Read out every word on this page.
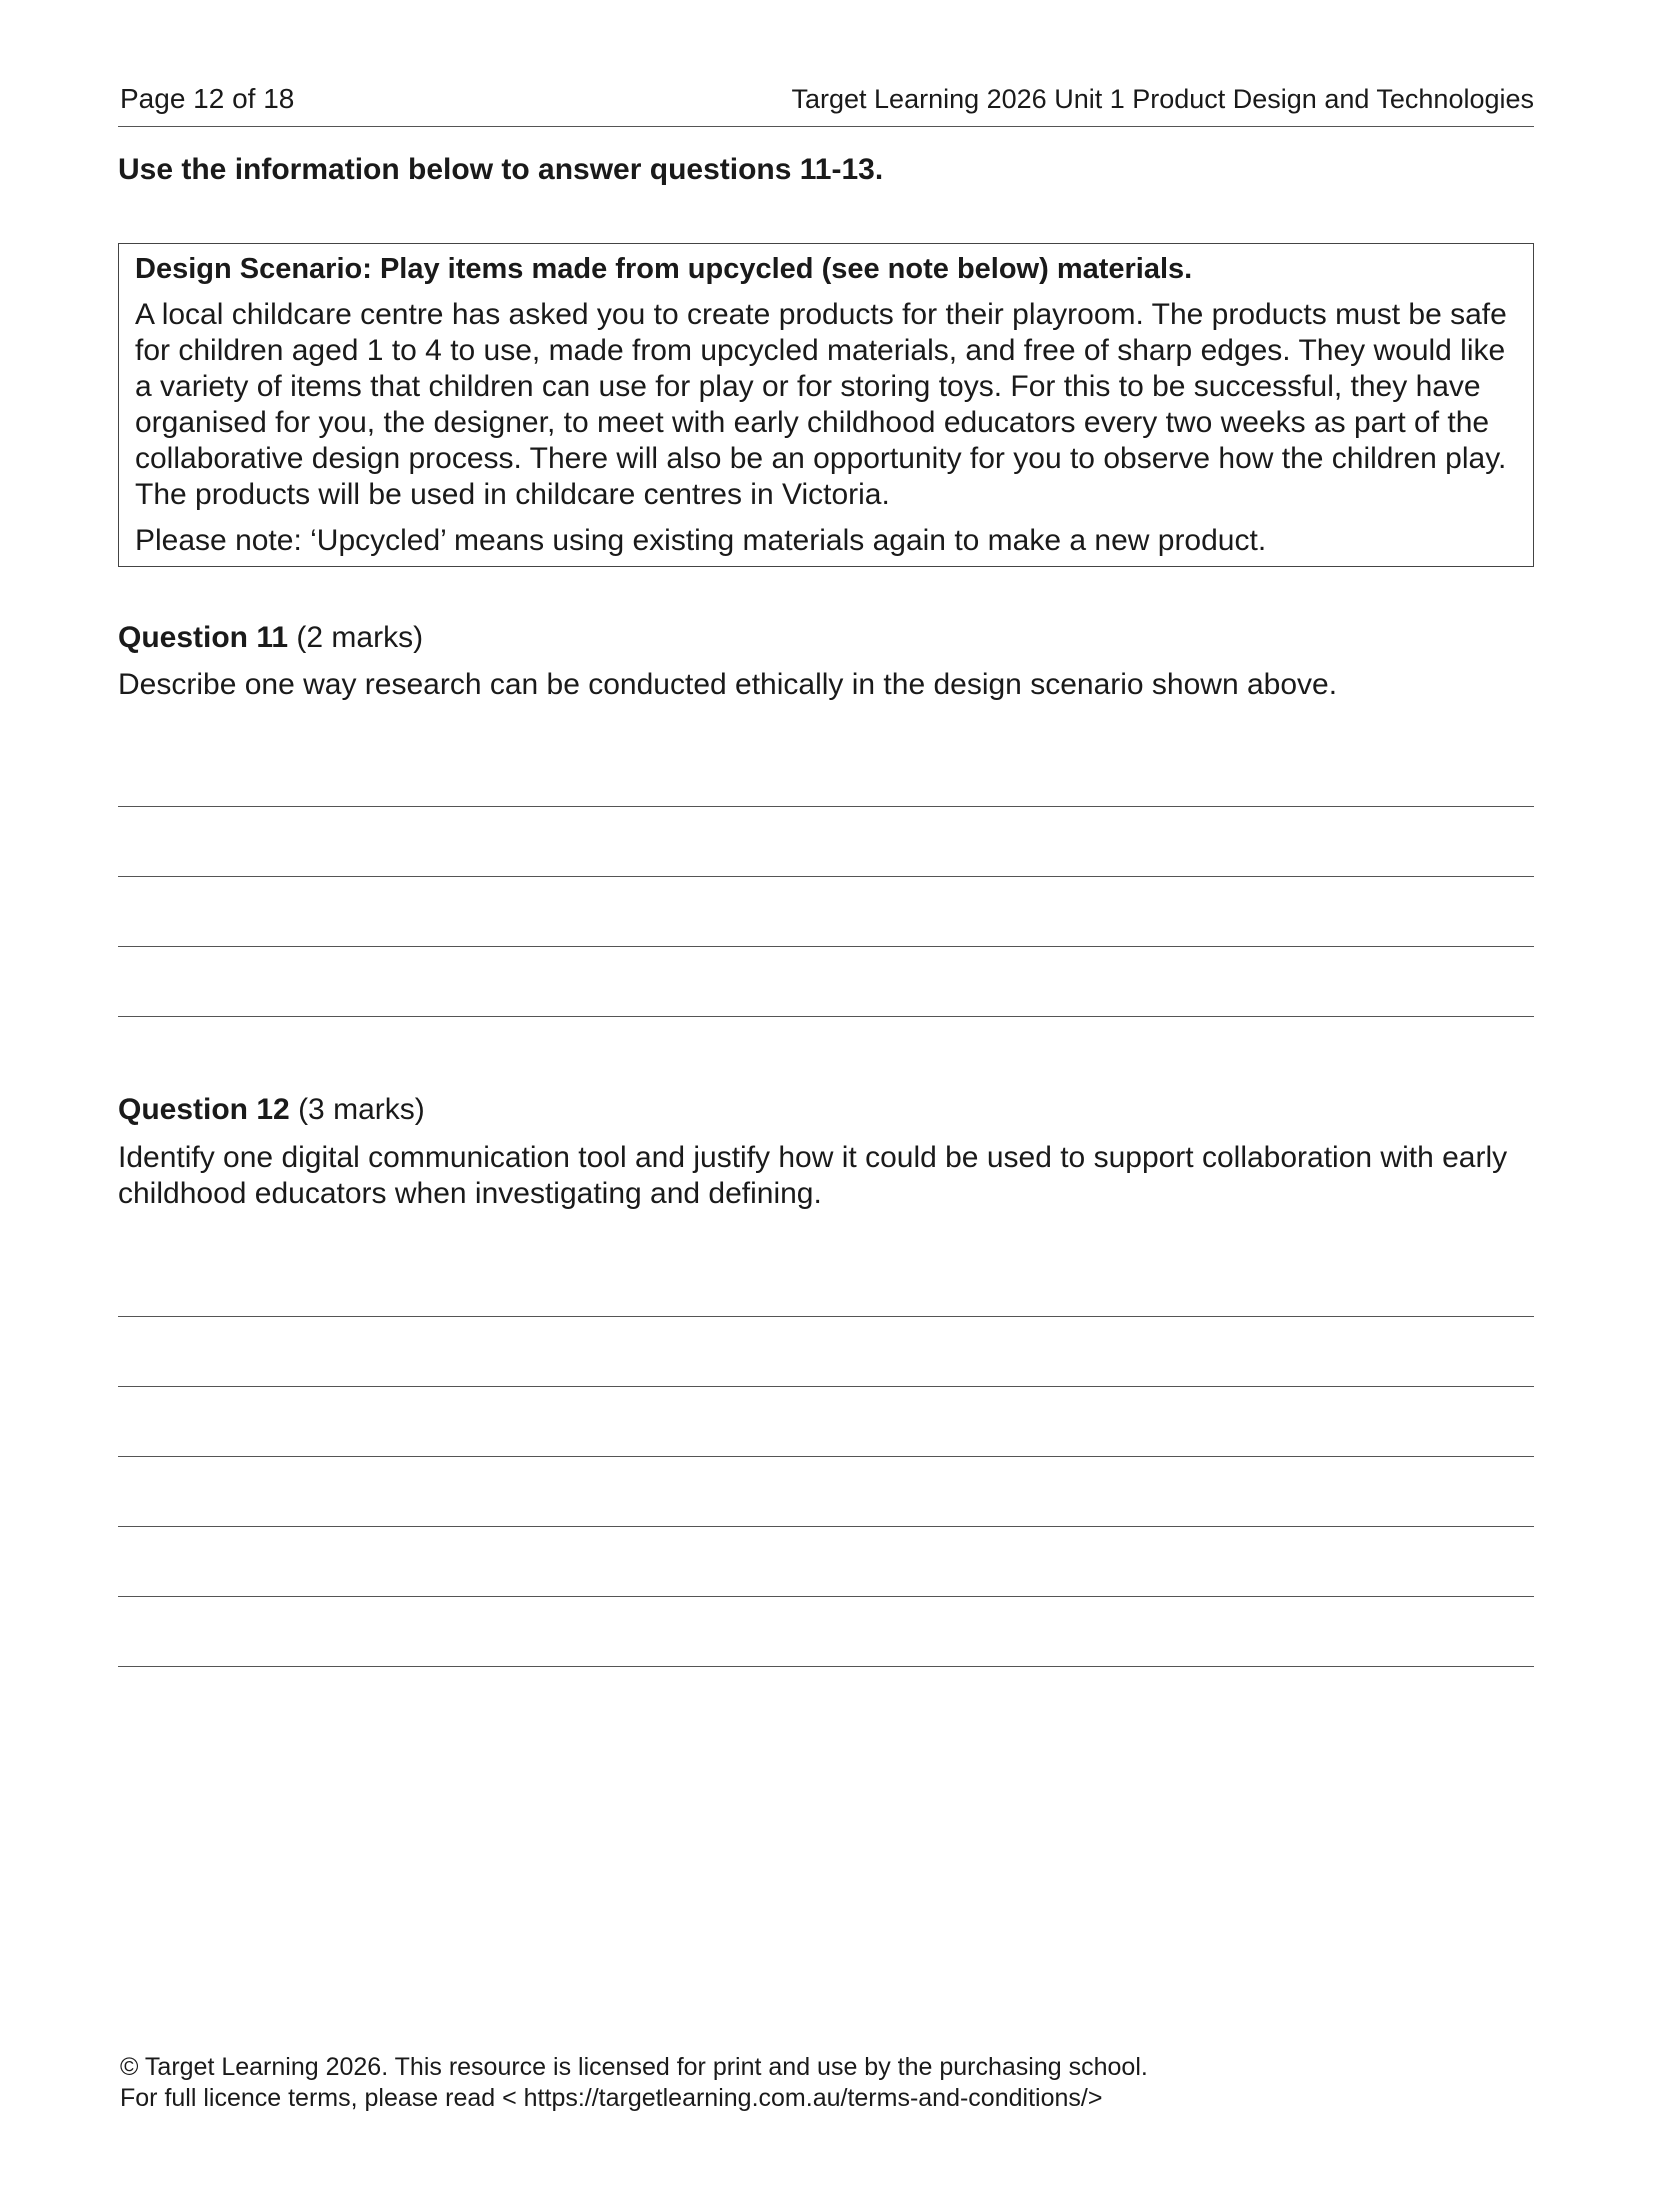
Page 12 of 18	Target Learning 2026 Unit 1 Product Design and Technologies
Use the information below to answer questions 11-13.
Design Scenario: Play items made from upcycled (see note below) materials.
A local childcare centre has asked you to create products for their playroom. The products must be safe for children aged 1 to 4 to use, made from upcycled materials, and free of sharp edges. They would like a variety of items that children can use for play or for storing toys. For this to be successful, they have organised for you, the designer, to meet with early childhood educators every two weeks as part of the collaborative design process. There will also be an opportunity for you to observe how the children play. The products will be used in childcare centres in Victoria.
Please note: ‘Upcycled’ means using existing materials again to make a new product.
Question 11 (2 marks)
Describe one way research can be conducted ethically in the design scenario shown above.
Question 12 (3 marks)
Identify one digital communication tool and justify how it could be used to support collaboration with early childhood educators when investigating and defining.
© Target Learning 2026. This resource is licensed for print and use by the purchasing school.
For full licence terms, please read < https://targetlearning.com.au/terms-and-conditions/>
